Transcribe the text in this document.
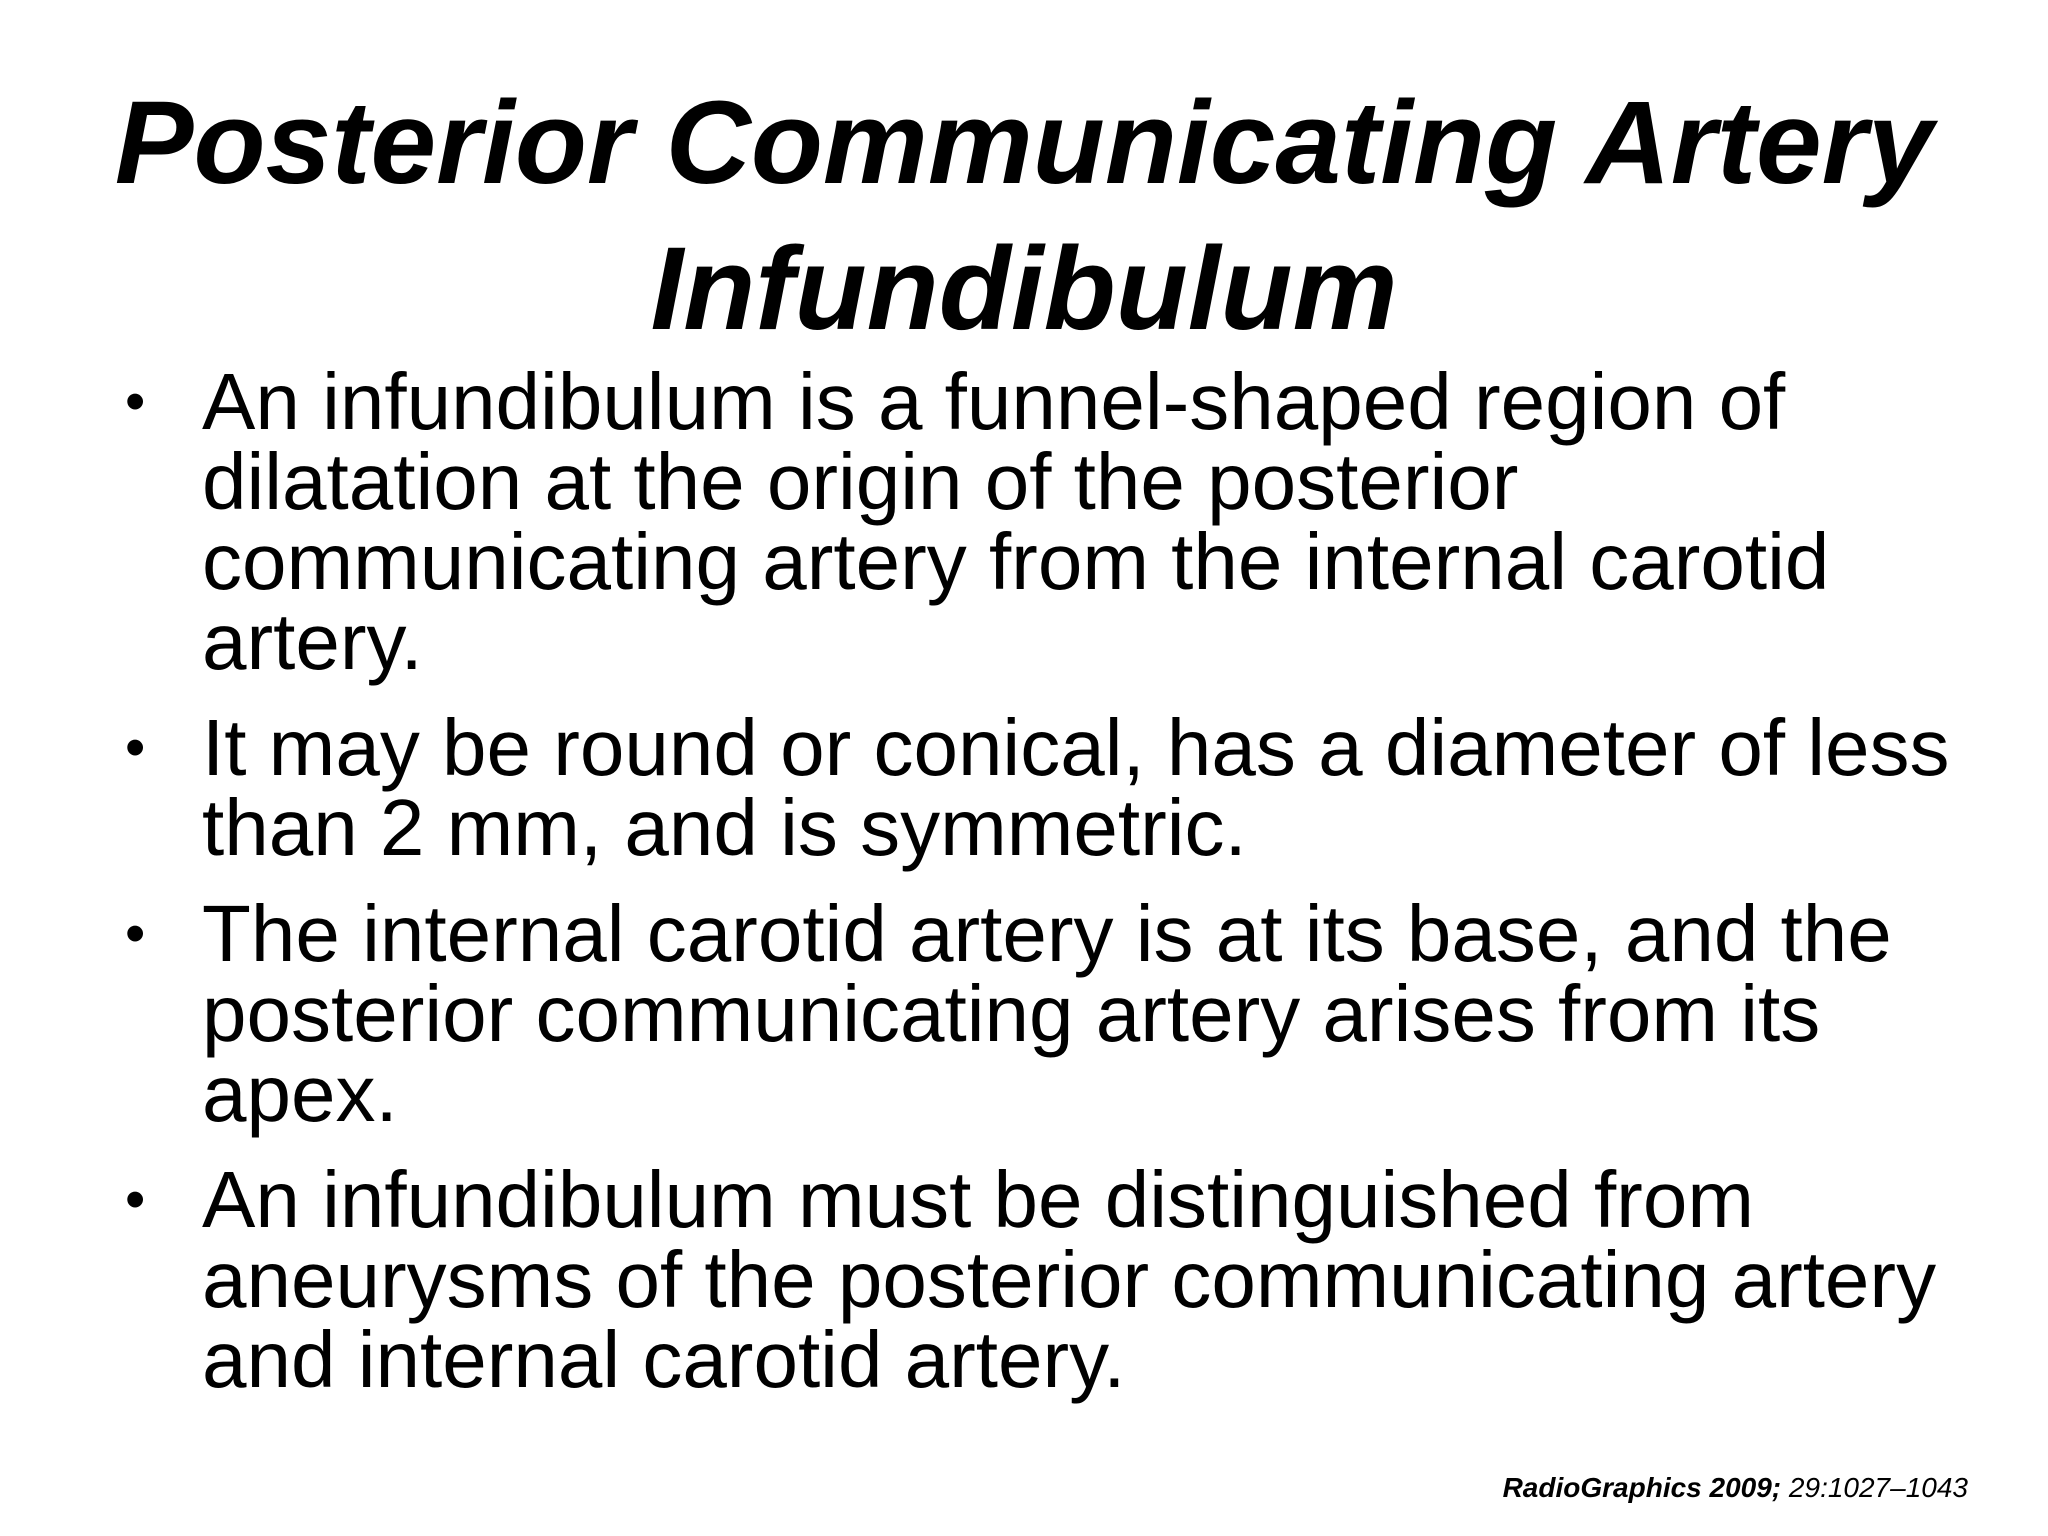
Posterior Communicating Artery
Infundibulum
• An infundibulum is a funnel-shaped region of dilatation at the origin of the posterior communicating artery from the internal carotid artery.
• It may be round or conical, has a diameter of less than 2 mm, and is symmetric.
• The internal carotid artery is at its base, and the posterior communicating artery arises from its apex.
• An infundibulum must be distinguished from aneurysms of the posterior communicating artery and internal carotid artery.
RadioGraphics 2009; 29:1027–1043
